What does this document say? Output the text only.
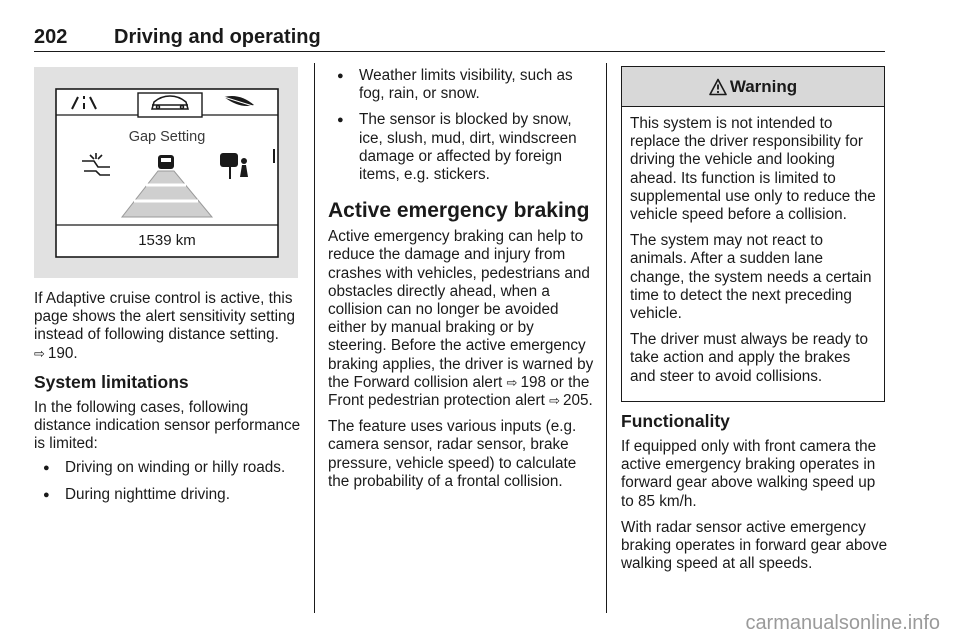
202 Driving and operating
Gap Setting
1539 km

If Adaptive cruise control is active, this page shows the alert sensitivity setting instead of following distance setting. ⇨ 190.

System limitations

In the following cases, following distance indication sensor performance is limited:

● Driving on winding or hilly roads.
● During nighttime driving.
● Weather limits visibility, such as fog, rain, or snow.
● The sensor is blocked by snow, ice, slush, mud, dirt, windscreen damage or affected by foreign items, e.g. stickers.
Active emergency braking

Active emergency braking can help to reduce the damage and injury from crashes with vehicles, pedestrians and obstacles directly ahead, when a collision can no longer be avoided either by manual braking or by steering. Before the active emergency braking applies, the driver is warned by the Forward collision alert ⇨ 198 or the Front pedestrian protection alert ⇨ 205.

The feature uses various inputs (e.g. camera sensor, radar sensor, brake pressure, vehicle speed) to calculate the probability of a frontal collision.

Warning

This system is not intended to replace the driver responsibility for driving the vehicle and looking ahead. Its function is limited to supplemental use only to reduce the vehicle speed before a collision.

The system may not react to animals. After a sudden lane change, the system needs a certain time to detect the next preceding vehicle.

The driver must always be ready to take action and apply the brakes and steer to avoid collisions.

Functionality

If equipped only with front camera the active emergency braking operates in forward gear above walking speed up to 85 km/h.

With radar sensor active emergency braking operates in forward gear above walking speed at all speeds.

carmanualsonline.info
